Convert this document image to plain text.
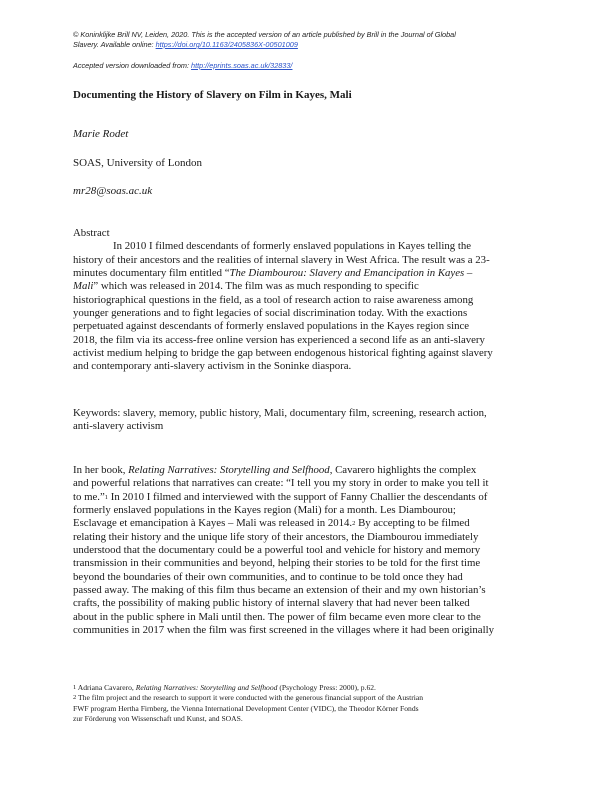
© Koninklijke Brill NV, Leiden, 2020. This is the accepted version of an article published by Brill in the Journal of Global
Slavery. Available online: https://doi.org/10.1163/2405836X-00501009
Accepted version downloaded from: http://eprints.soas.ac.uk/32833/
Documenting the History of Slavery on Film in Kayes, Mali
Marie Rodet
SOAS, University of London
mr28@soas.ac.uk
Abstract
In 2010 I filmed descendants of formerly enslaved populations in Kayes telling the
history of their ancestors and the realities of internal slavery in West Africa. The result was a 23-
minutes documentary film entitled “The Diambourou: Slavery and Emancipation in Kayes –
Mali” which was released in 2014. The film was as much responding to specific
historiographical questions in the field, as a tool of research action to raise awareness among
younger generations and to fight legacies of social discrimination today. With the exactions
perpetuated against descendants of formerly enslaved populations in the Kayes region since
2018, the film via its access-free online version has experienced a second life as an anti-slavery
activist medium helping to bridge the gap between endogenous historical fighting against slavery
and contemporary anti-slavery activism in the Soninke diaspora.
Keywords: slavery, memory, public history, Mali, documentary film, screening, research action,
anti-slavery activism
In her book, Relating Narratives: Storytelling and Selfhood, Cavarero highlights the complex
and powerful relations that narratives can create: “I tell you my story in order to make you tell it
to me.”1 In 2010 I filmed and interviewed with the support of Fanny Challier the descendants of
formerly enslaved populations in the Kayes region (Mali) for a month. Les Diambourou;
Esclavage et emancipation à Kayes – Mali was released in 2014.2 By accepting to be filmed
relating their history and the unique life story of their ancestors, the Diambourou immediately
understood that the documentary could be a powerful tool and vehicle for history and memory
transmission in their communities and beyond, helping their stories to be told for the first time
beyond the boundaries of their own communities, and to continue to be told once they had
passed away. The making of this film thus became an extension of their and my own historian’s
crafts, the possibility of making public history of internal slavery that had never been talked
about in the public sphere in Mali until then. The power of film became even more clear to the
communities in 2017 when the film was first screened in the villages where it had been originally
1 Adriana Cavarero, Relating Narratives: Storytelling and Selfhood (Psychology Press: 2000), p.62.
2 The film project and the research to support it were conducted with the generous financial support of the Austrian
FWF program Hertha Firnberg, the Vienna International Development Center (VIDC), the Theodor Körner Fonds
zur Förderung von Wissenschaft und Kunst, and SOAS.
